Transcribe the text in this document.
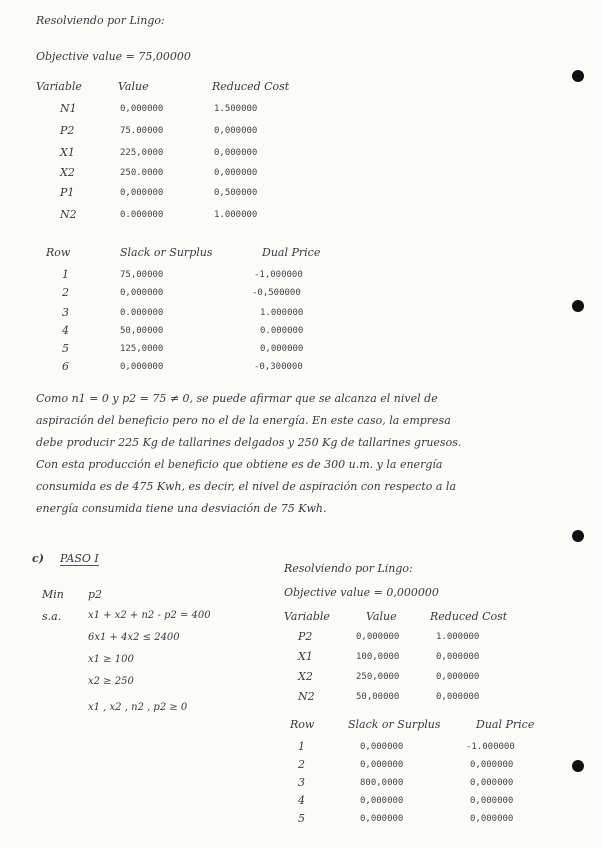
Resolviendo por Lingo:
Objective value = 75,00000
Variable	Value	Reduced Cost
N1	0,000000	1.500000
P2	75.00000	0,000000
X1	225,0000	0,000000
X2	250.0000	0,000000
P1	0,000000	0,500000
N2	0.000000	1.000000
Row	Slack or Surplus	Dual Price
1	75,00000	-1,000000
2	0,000000	-0,500000
3	0.000000	1.000000
4	50,00000	0.000000
5	125,0000	0,000000
6	0,000000	-0,300000
Como n1 = 0 y p2 = 75 ≠ 0, se puede afirmar que se alcanza el nivel de
aspiración del beneficio pero no el de la energía. En este caso, la empresa
debe producir 225 Kg de tallarines delgados y 250 Kg de tallarines gruesos.
Con esta producción el beneficio que obtiene es de 300 u.m. y la energía
consumida es de 475 Kwh, es decir, el nivel de aspiración con respecto a la
energía consumida tiene una desviación de 75 Kwh.
c) PASO I
Min p2
s.a.	x1 + x2 + n2 - p2 = 400
6x1 + 4x2 ≤ 2400
x1 ≥ 100
x2 ≥ 250
x1 , x2 , n2 , p2 ≥ 0
Resolviendo por Lingo:
Objective value = 0,000000
Variable	Value	Reduced Cost
P2	0,000000	1.000000
X1	100,0000	0,000000
X2	250,0000	0,000000
N2	50,00000	0,000000
Row	Slack or Surplus	Dual Price
1	0,000000	-1.000000
2	0,000000	0,000000
3	800,0000	0,000000
4	0,000000	0,000000
5	0,000000	0,000000
